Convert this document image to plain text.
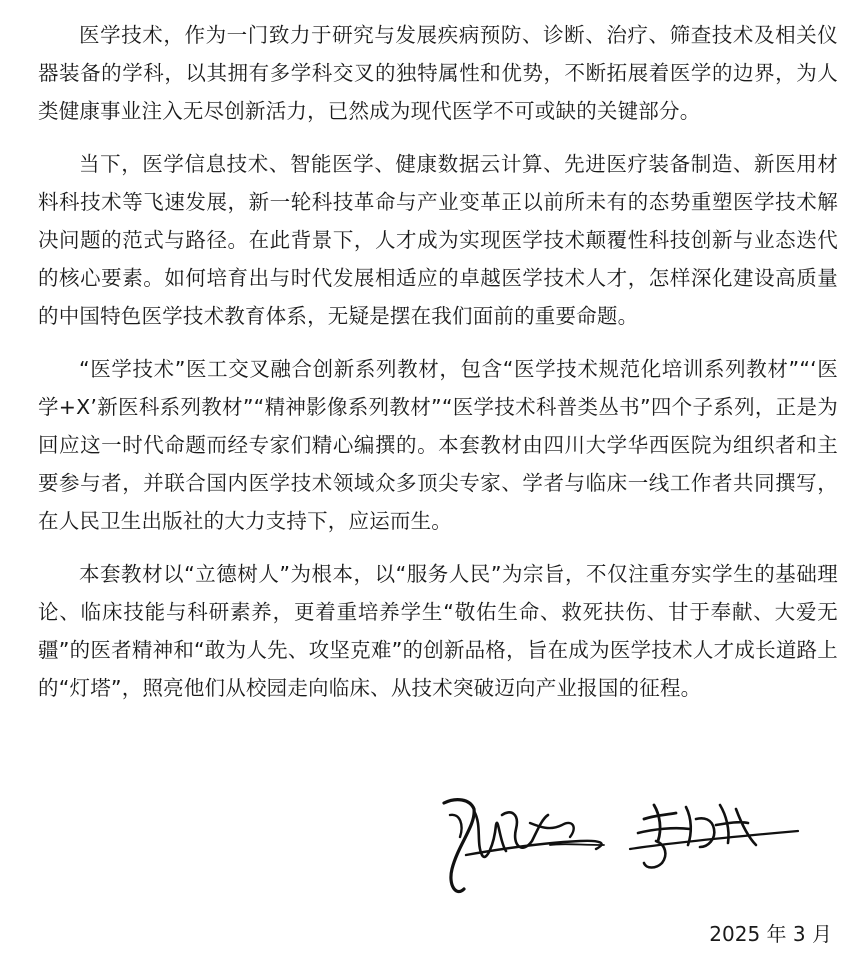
医学技术，作为一门致力于研究与发展疾病预防、诊断、治疗、筛查技术及相关仪器装备的学科，以其拥有多学科交叉的独特属性和优势，不断拓展着医学的边界，为人类健康事业注入无尽创新活力，已然成为现代医学不可或缺的关键部分。

当下，医学信息技术、智能医学、健康数据云计算、先进医疗装备制造、新医用材料科技术等飞速发展，新一轮科技革命与产业变革正以前所未有的态势重塑医学技术解决问题的范式与路径。在此背景下，人才成为实现医学技术颠覆性科技创新与业态迭代的核心要素。如何培育出与时代发展相适应的卓越医学技术人才，怎样深化建设高质量的中国特色医学技术教育体系，无疑是摆在我们面前的重要命题。

“医学技术”医工交叉融合创新系列教材，包含“医学技术规范化培训系列教材”“‘医学+X’新医科系列教材”“精神影像系列教材”“医学技术科普类丛书”四个子系列，正是为回应这一时代命题而经专家们精心编撰的。本套教材由四川大学华西医院为组织者和主要参与者，并联合国内医学技术领域众多顶尖专家、学者与临床一线工作者共同撰写，在人民卫生出版社的大力支持下，应运而生。

本套教材以“立德树人”为根本，以“服务人民”为宗旨，不仅注重夯实学生的基础理论、临床技能与科研素养，更着重培养学生“敬佑生命、救死扶伤、甘于奉献、大爱无疆”的医者精神和“敢为人先、攻坚克难”的创新品格，旨在成为医学技术人才成长道路上的“灯塔”，照亮他们从校园走向临床、从技术突破迈向产业报国的征程。

2025 年 3 月
